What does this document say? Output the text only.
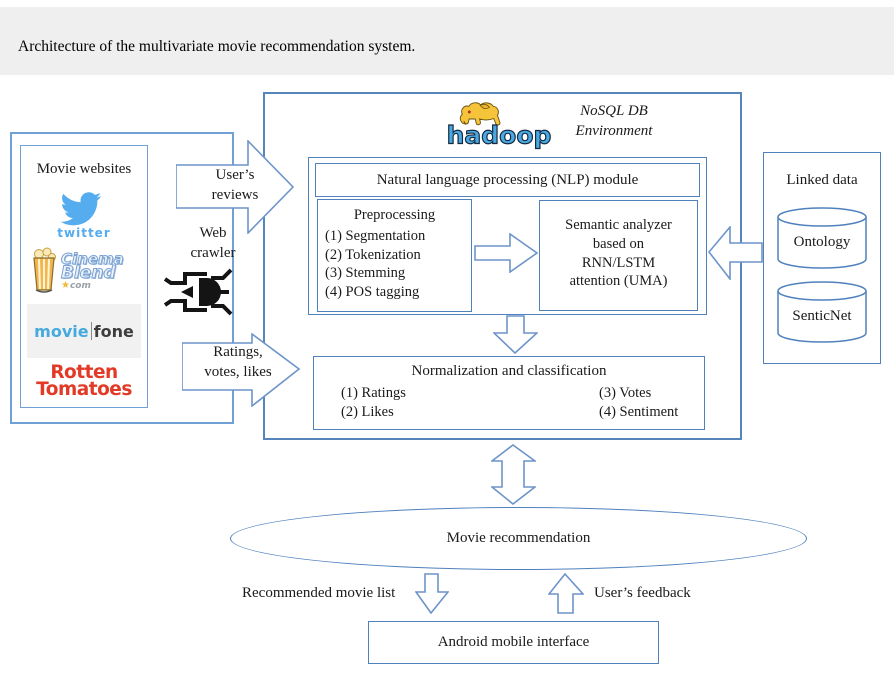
Architecture of the multivariate movie recommendation system.
Movie websites
twitter
Cinema
Blend
★com
movie fone
Rotten
Tomatoes
User’s
reviews
Web
crawler
Ratings,
votes, likes
hadoop
NoSQL DB
Environment
Natural language processing (NLP) module
Preprocessing
(1) Segmentation
(2) Tokenization
(3) Stemming
(4) POS tagging
Semantic analyzer
based on
RNN/LSTM
attention (UMA)
Normalization and classification
(1) Ratings
(2) Likes
(3) Votes
(4) Sentiment
Linked data
Ontology
SenticNet
Movie recommendation
Recommended movie list	User’s feedback
Android mobile interface
